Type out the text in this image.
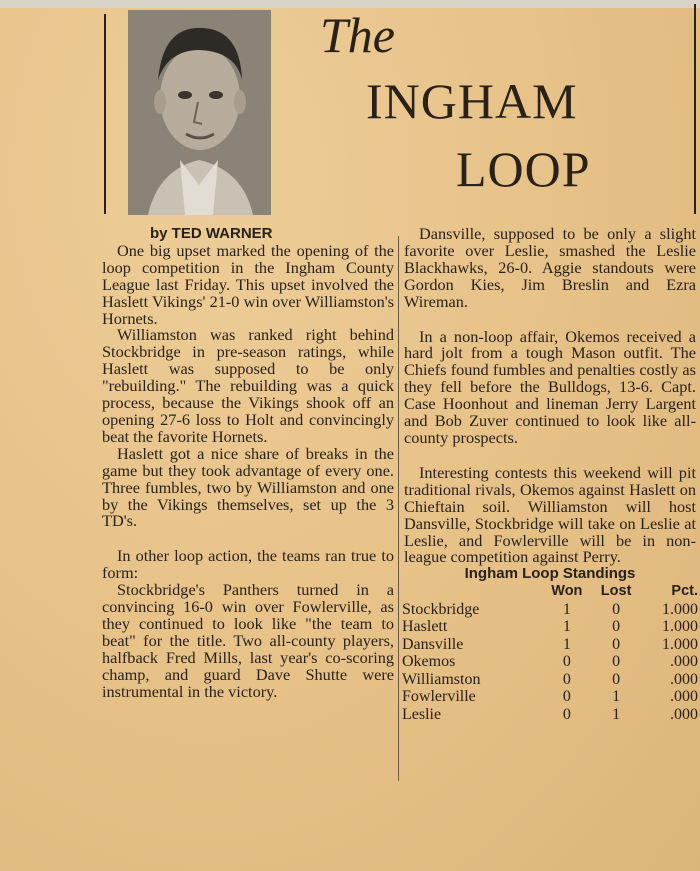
The
INGHAM
LOOP

by TED WARNER

One big upset marked the opening of the loop competition in the Ingham County League last Friday. This upset involved the Haslett Vikings' 21-0 win over Williamston's Hornets.

Williamston was ranked right behind Stockbridge in pre-season ratings, while Haslett was supposed to be only "rebuilding." The rebuilding was a quick process, because the Vikings shook off an opening 27-6 loss to Holt and convincingly beat the favorite Hornets.

Haslett got a nice share of breaks in the game but they took advantage of every one. Three fumbles, two by Williamston and one by the Vikings themselves, set up the 3 TD's.

In other loop action, the teams ran true to form:

Stockbridge's Panthers turned in a convincing 16-0 win over Fowlerville, as they continued to look like "the team to beat" for the title. Two all-county players, halfback Fred Mills, last year's co-scoring champ, and guard Dave Shutte were instrumental in the victory.

Dansville, supposed to be only a slight favorite over Leslie, smashed the Leslie Blackhawks, 26-0. Aggie standouts were Gordon Kies, Jim Breslin and Ezra Wireman.

In a non-loop affair, Okemos received a hard jolt from a tough Mason outfit. The Chiefs found fumbles and penalties costly as they fell before the Bulldogs, 13-6. Capt. Case Hoonhout and lineman Jerry Largent and Bob Zuver continued to look like all-county prospects.

Interesting contests this weekend will pit traditional rivals, Okemos against Haslett on Chieftain soil. Williamston will host Dansville, Stockbridge will take on Leslie at Leslie, and Fowlerville will be in non-league competition against Perry.

Ingham Loop Standings
	Won	Lost	Pct.
Stockbridge	1	0	1.000
Haslett	1	0	1.000
Dansville	1	0	1.000
Okemos	0	0	.000
Williamston	0	0	.000
Fowlerville	0	1	.000
Leslie	0	1	.000
